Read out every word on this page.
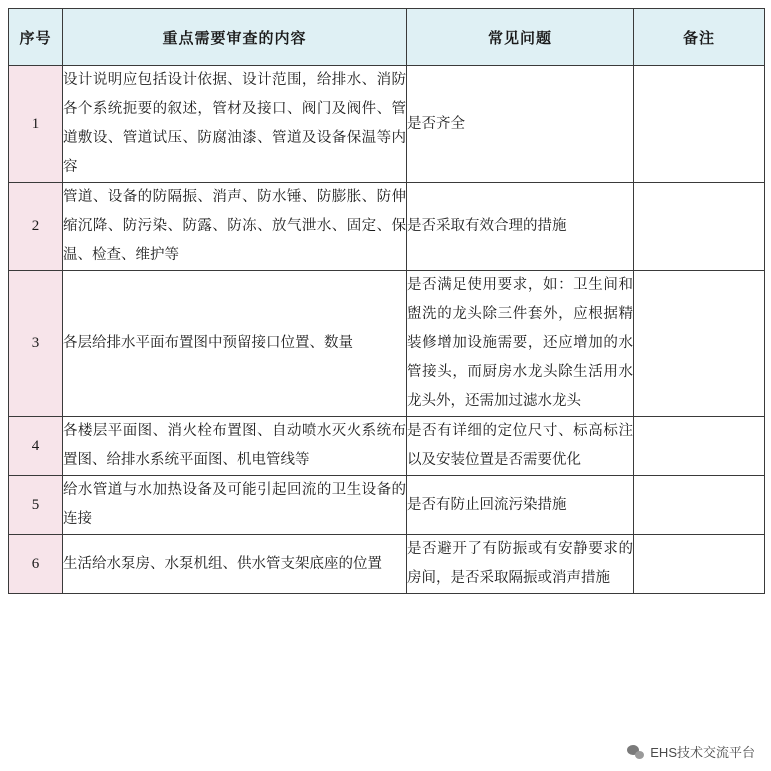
序号	重点需要审查的内容	常见问题	备注
1	设计说明应包括设计依据、设计范围，给排水、消防各个系统扼要的叙述，管材及接口、阀门及阀件、管道敷设、管道试压、防腐油漆、管道及设备保温等内容	是否齐全	
2	管道、设备的防隔振、消声、防水锤、防膨胀、防伸缩沉降、防污染、防露、防冻、放气泄水、固定、保温、检查、维护等	是否采取有效合理的措施	
3	各层给排水平面布置图中预留接口位置、数量	是否满足使用要求，如：卫生间和盥洗的龙头除三件套外，应根据精装修增加设施需要，还应增加的水管接头，而厨房水龙头除生活用水龙头外，还需加过滤水龙头	
4	各楼层平面图、消火栓布置图、自动喷水灭火系统布置图、给排水系统平面图、机电管线等	是否有详细的定位尺寸、标高标注以及安装位置是否需要优化	
5	给水管道与水加热设备及可能引起回流的卫生设备的连接	是否有防止回流污染措施	
6	生活给水泵房、水泵机组、供水管支架底座的位置	是否避开了有防振或有安静要求的房间，是否采取隔振或消声措施	
EHS技术交流平台
